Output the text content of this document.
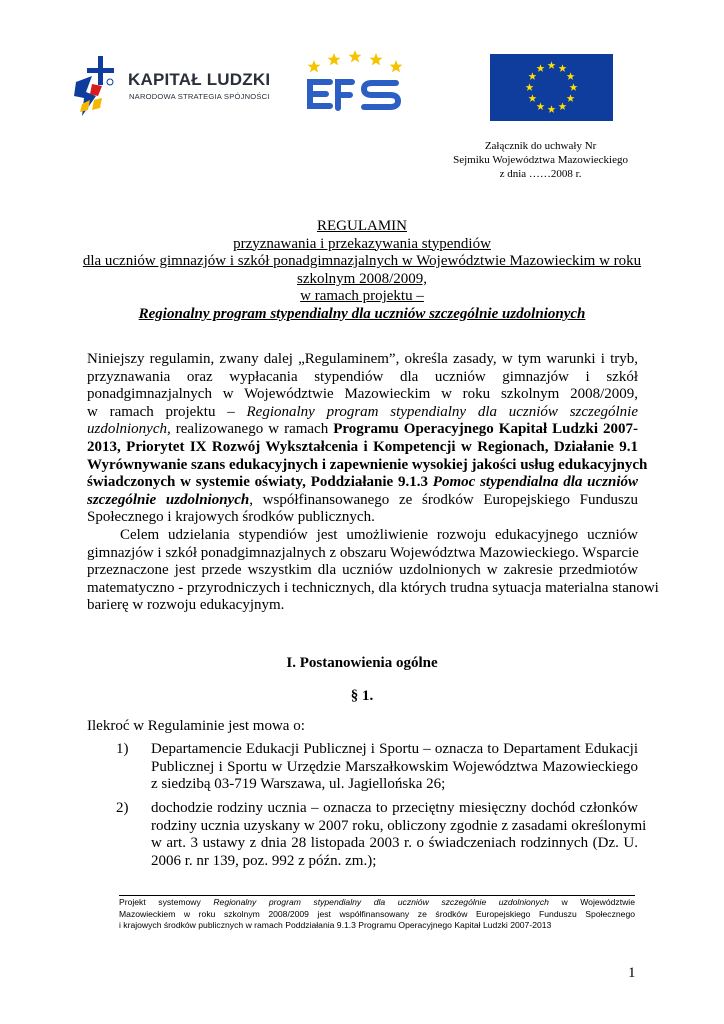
KAPITAŁ LUDZKI
NARODOWA STRATEGIA SPÓJNOŚCI
Załącznik do uchwały Nr
Sejmiku Województwa Mazowieckiego
z dnia ……2008 r.
REGULAMIN
przyznawania i przekazywania stypendiów
dla uczniów gimnazjów i szkół ponadgimnazjalnych w Województwie Mazowieckim w roku
szkolnym 2008/2009,
w ramach projektu –
Regionalny program stypendialny dla uczniów szczególnie uzdolnionych
Niniejszy regulamin, zwany dalej „Regulaminem”, określa zasady, w tym warunki i tryb,
przyznawania oraz wypłacania stypendiów dla uczniów gimnazjów i szkół
ponadgimnazjalnych w Województwie Mazowieckim w roku szkolnym 2008/2009,
w ramach projektu – Regionalny program stypendialny dla uczniów szczególnie
uzdolnionych, realizowanego w ramach Programu Operacyjnego Kapitał Ludzki 2007-
2013, Priorytet IX Rozwój Wykształcenia i Kompetencji w Regionach, Działanie 9.1
Wyrównywanie szans edukacyjnych i zapewnienie wysokiej jakości usług edukacyjnych
świadczonych w systemie oświaty, Poddziałanie 9.1.3 Pomoc stypendialna dla uczniów
szczególnie uzdolnionych, współfinansowanego ze środków Europejskiego Funduszu
Społecznego i krajowych środków publicznych.
Celem udzielania stypendiów jest umożliwienie rozwoju edukacyjnego uczniów
gimnazjów i szkół ponadgimnazjalnych z obszaru Województwa Mazowieckiego. Wsparcie
przeznaczone jest przede wszystkim dla uczniów uzdolnionych w zakresie przedmiotów
matematyczno - przyrodniczych i technicznych, dla których trudna sytuacja materialna stanowi
barierę w rozwoju edukacyjnym.
I. Postanowienia ogólne
§ 1.
Ilekroć w Regulaminie jest mowa o:
1) Departamencie Edukacji Publicznej i Sportu – oznacza to Departament Edukacji
Publicznej i Sportu w Urzędzie Marszałkowskim Województwa Mazowieckiego
z siedzibą 03-719 Warszawa, ul. Jagiellońska 26;
2) dochodzie rodziny ucznia – oznacza to przeciętny miesięczny dochód członków
rodziny ucznia uzyskany w 2007 roku, obliczony zgodnie z zasadami określonymi
w art. 3 ustawy z dnia 28 listopada 2003 r. o świadczeniach rodzinnych (Dz. U.
2006 r. nr 139, poz. 992 z późn. zm.);
Projekt systemowy Regionalny program stypendialny dla uczniów szczególnie uzdolnionych w Województwie
Mazowieckiem w roku szkolnym 2008/2009 jest współfinansowany ze środków Europejskiego Funduszu Społecznego
i krajowych środków publicznych w ramach Poddziałania 9.1.3 Programu Operacyjnego Kapitał Ludzki 2007-2013
1
